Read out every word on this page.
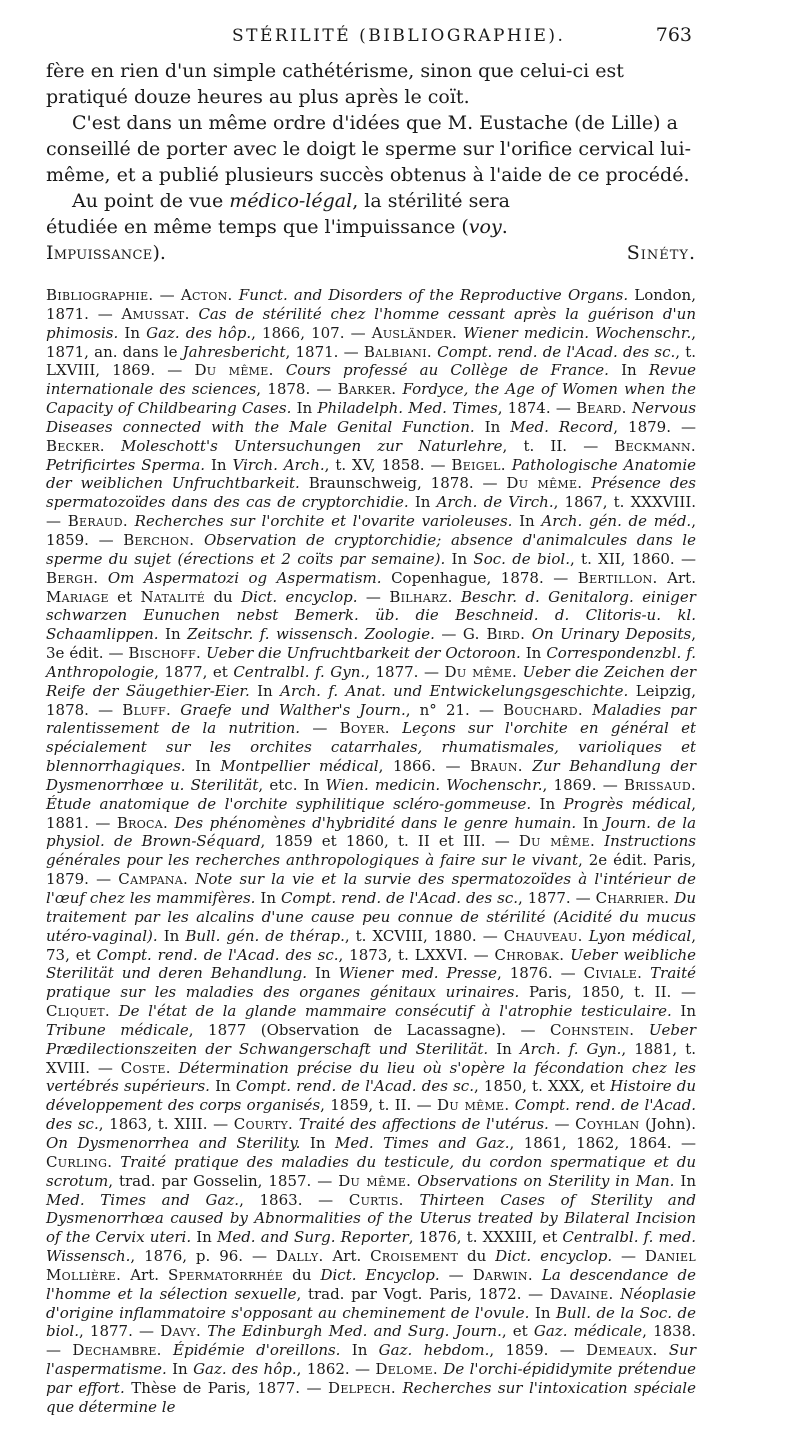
STÉRILITÉ (BIBLIOGRAPHIE).	763

fère en rien d'un simple cathétérisme, sinon que celui-ci est pratiqué douze heures au plus après le coït.

C'est dans un même ordre d'idées que M. Eustache (de Lille) a conseillé de porter avec le doigt le sperme sur l'orifice cervical lui-même, et a publié plusieurs succès obtenus à l'aide de ce procédé.

Au point de vue médico-légal, la stérilité sera étudiée en même temps que l'impuissance (voy. Impuissance).	Sinéty.

Bibliographie. — Acton. Funct. and Disorders of the Reproductive Organs. London, 1871. — Amussat. Cas de stérilité chez l'homme cessant après la guérison d'un phimosis. In Gaz. des hôp., 1866, 107. — Ausländer. Wiener medicin. Wochenschr., 1871, an. dans le Jahresbericht, 1871. — Balbiani. Compt. rend. de l'Acad. des sc., t. LXVIII, 1869. — Du même. Cours professé au Collège de France. In Revue internationale des sciences, 1878. — Barker. Fordyce, the Age of Women when the Capacity of Childbearing Cases. In Philadelph. Med. Times, 1874. — Beard. Nervous Diseases connected with the Male Genital Function. In Med. Record, 1879. — Becker. Moleschott's Untersuchungen zur Naturlehre, t. II. — Beckmann. Petrificirtes Sperma. In Virch. Arch., t. XV, 1858. — Beigel. Pathologische Anatomie der weiblichen Unfruchtbarkeit. Braunschweig, 1878. — Du même. Présence des spermatozoïdes dans des cas de cryptorchidie. In Arch. de Virch., 1867, t. XXXVIII. — Beraud. Recherches sur l'orchite et l'ovarite varioleuses. In Arch. gén. de méd., 1859. — Berchon. Observation de cryptorchidie; absence d'animalcules dans le sperme du sujet (érections et 2 coïts par semaine). In Soc. de biol., t. XII, 1860. — Bergh. Om Aspermatozi og Aspermatism. Copenhague, 1878. — Bertillon. Art. Mariage et Natalité du Dict. encyclop. — Bilharz. Beschr. d. Genitalorg. einiger schwarzen Eunuchen nebst Bemerk. üb. die Beschneid. d. Clitoris-u. kl. Schaamlippen. In Zeitschr. f. wissensch. Zoologie. — G. Bird. On Urinary Deposits, 3e édit. — Bischoff. Ueber die Unfruchtbarkeit der Octoroon. In Correspondenzbl. f. Anthropologie, 1877, et Centralbl. f. Gyn., 1877. — Du même. Ueber die Zeichen der Reife der Säugethier-Eier. In Arch. f. Anat. und Entwickelungsgeschichte. Leipzig, 1878. — Bluff. Graefe und Walther's Journ., n° 21. — Bouchard. Maladies par ralentissement de la nutrition. — Boyer. Leçons sur l'orchite en général et spécialement sur les orchites catarrhales, rhumatismales, varioliques et blennorrhagiques. In Montpellier médical, 1866. — Braun. Zur Behandlung der Dysmenorrhœe u. Sterilität, etc. In Wien. medicin. Wochenschr., 1869. — Brissaud. Étude anatomique de l'orchite syphilitique scléro-gommeuse. In Progrès médical, 1881. — Broca. Des phénomènes d'hybridité dans le genre humain. In Journ. de la physiol. de Brown-Séquard, 1859 et 1860, t. II et III. — Du même. Instructions générales pour les recherches anthropologiques à faire sur le vivant, 2e édit. Paris, 1879. — Campana. Note sur la vie et la survie des spermatozoïdes à l'intérieur de l'œuf chez les mammifères. In Compt. rend. de l'Acad. des sc., 1877. — Charrier. Du traitement par les alcalins d'une cause peu connue de stérilité (Acidité du mucus utéro-vaginal). In Bull. gén. de thérap., t. XCVIII, 1880. — Chauveau. Lyon médical, 73, et Compt. rend. de l'Acad. des sc., 1873, t. LXXVI. — Chrobak. Ueber weibliche Sterilität und deren Behandlung. In Wiener med. Presse, 1876. — Civiale. Traité pratique sur les maladies des organes génitaux urinaires. Paris, 1850, t. II. — Cliquet. De l'état de la glande mammaire consécutif à l'atrophie testiculaire. In Tribune médicale, 1877 (Observation de Lacassagne). — Cohnstein. Ueber Prædilectionszeiten der Schwangerschaft und Sterilität. In Arch. f. Gyn., 1881, t. XVIII. — Coste. Détermination précise du lieu où s'opère la fécondation chez les vertébrés supérieurs. In Compt. rend. de l'Acad. des sc., 1850, t. XXX, et Histoire du développement des corps organisés, 1859, t. II. — Du même. Compt. rend. de l'Acad. des sc., 1863, t. XIII. — Courty. Traité des affections de l'utérus. — Coyhlan (John). On Dysmenorrhea and Sterility. In Med. Times and Gaz., 1861, 1862, 1864. — Curling. Traité pratique des maladies du testicule, du cordon spermatique et du scrotum, trad. par Gosselin, 1857. — Du même. Observations on Sterility in Man. In Med. Times and Gaz., 1863. — Curtis. Thirteen Cases of Sterility and Dysmenorrhœa caused by Abnormalities of the Uterus treated by Bilateral Incision of the Cervix uteri. In Med. and Surg. Reporter, 1876, t. XXXIII, et Centralbl. f. med. Wissensch., 1876, p. 96. — Dally. Art. Croisement du Dict. encyclop. — Daniel Mollière. Art. Spermatorrhée du Dict. Encyclop. — Darwin. La descendance de l'homme et la sélection sexuelle, trad. par Vogt. Paris, 1872. — Davaine. Néoplasie d'origine inflammatoire s'opposant au cheminement de l'ovule. In Bull. de la Soc. de biol., 1877. — Davy. The Edinburgh Med. and Surg. Journ., et Gaz. médicale, 1838. — Dechambre. Épidémie d'oreillons. In Gaz. hebdom., 1859. — Demeaux. Sur l'aspermatisme. In Gaz. des hôp., 1862. — Delome. De l'orchi-épididymite prétendue par effort. Thèse de Paris, 1877. — Delpech. Recherches sur l'intoxication spéciale que détermine le
